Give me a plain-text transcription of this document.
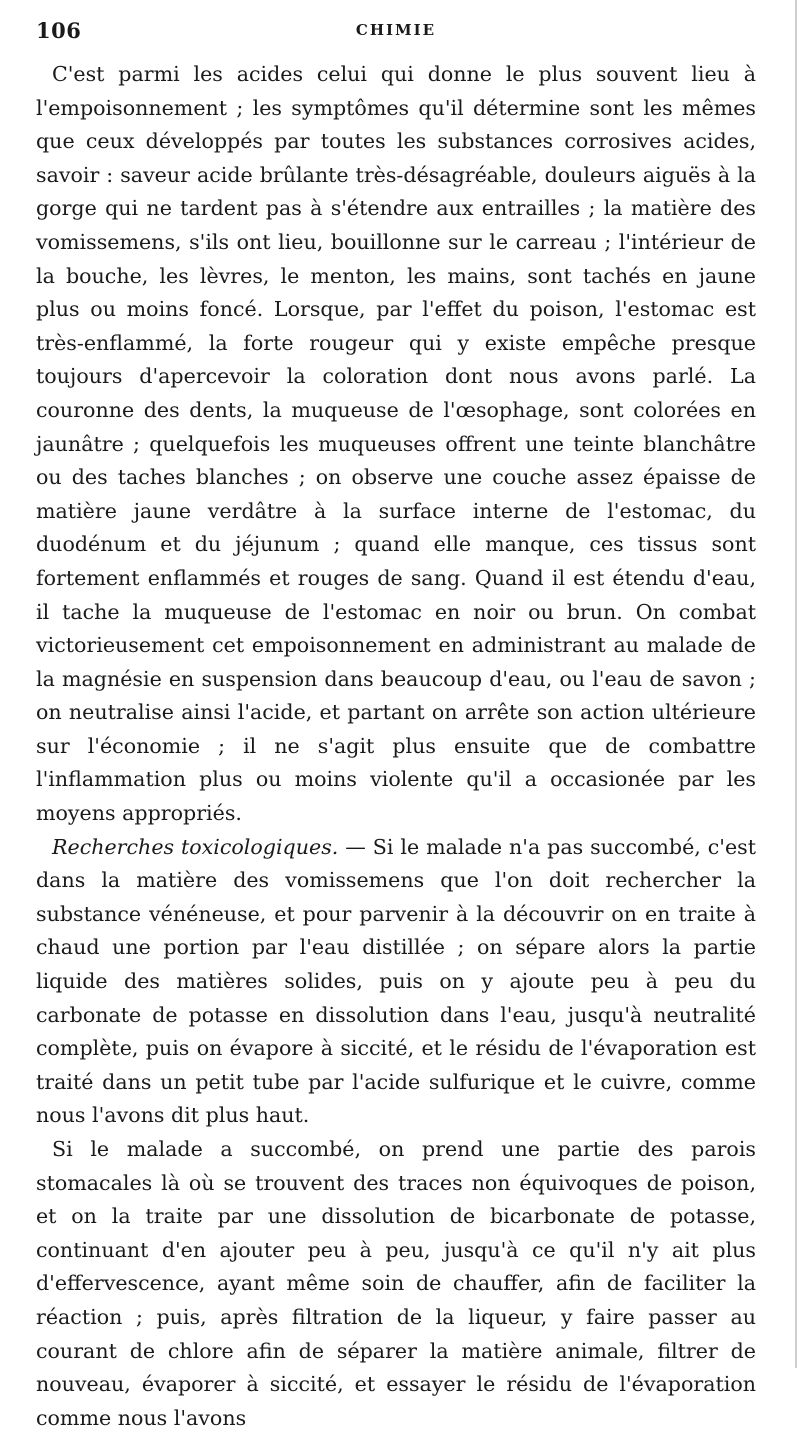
106	CHIMIE

C'est parmi les acides celui qui donne le plus souvent lieu à l'empoisonnement ; les symptômes qu'il détermine sont les mêmes que ceux développés par toutes les substances corrosives acides, savoir : saveur acide brûlante très-désagréable, douleurs aiguës à la gorge qui ne tardent pas à s'étendre aux entrailles ; la matière des vomissemens, s'ils ont lieu, bouillonne sur le carreau ; l'intérieur de la bouche, les lèvres, le menton, les mains, sont tachés en jaune plus ou moins foncé. Lorsque, par l'effet du poison, l'estomac est très-enflammé, la forte rougeur qui y existe empêche presque toujours d'apercevoir la coloration dont nous avons parlé. La couronne des dents, la muqueuse de l'œsophage, sont colorées en jaunâtre ; quelquefois les muqueuses offrent une teinte blanchâtre ou des taches blanches ; on observe une couche assez épaisse de matière jaune verdâtre à la surface interne de l'estomac, du duodénum et du jéjunum ; quand elle manque, ces tissus sont fortement enflammés et rouges de sang. Quand il est étendu d'eau, il tache la muqueuse de l'estomac en noir ou brun. On combat victorieusement cet empoisonnement en administrant au malade de la magnésie en suspension dans beaucoup d'eau, ou l'eau de savon ; on neutralise ainsi l'acide, et partant on arrête son action ultérieure sur l'économie ; il ne s'agit plus ensuite que de combattre l'inflammation plus ou moins violente qu'il a occasionée par les moyens appropriés.

Recherches toxicologiques. — Si le malade n'a pas succombé, c'est dans la matière des vomissemens que l'on doit rechercher la substance vénéneuse, et pour parvenir à la découvrir on en traite à chaud une portion par l'eau distillée ; on sépare alors la partie liquide des matières solides, puis on y ajoute peu à peu du carbonate de potasse en dissolution dans l'eau, jusqu'à neutralité complète, puis on évapore à siccité, et le résidu de l'évaporation est traité dans un petit tube par l'acide sulfurique et le cuivre, comme nous l'avons dit plus haut.

Si le malade a succombé, on prend une partie des parois stomacales là où se trouvent des traces non équivoques de poison, et on la traite par une dissolution de bicarbonate de potasse, continuant d'en ajouter peu à peu, jusqu'à ce qu'il n'y ait plus d'effervescence, ayant même soin de chauffer, afin de faciliter la réaction ; puis, après filtration de la liqueur, y faire passer au courant de chlore afin de séparer la matière animale, filtrer de nouveau, évaporer à siccité, et essayer le résidu de l'évaporation comme nous l'avons
